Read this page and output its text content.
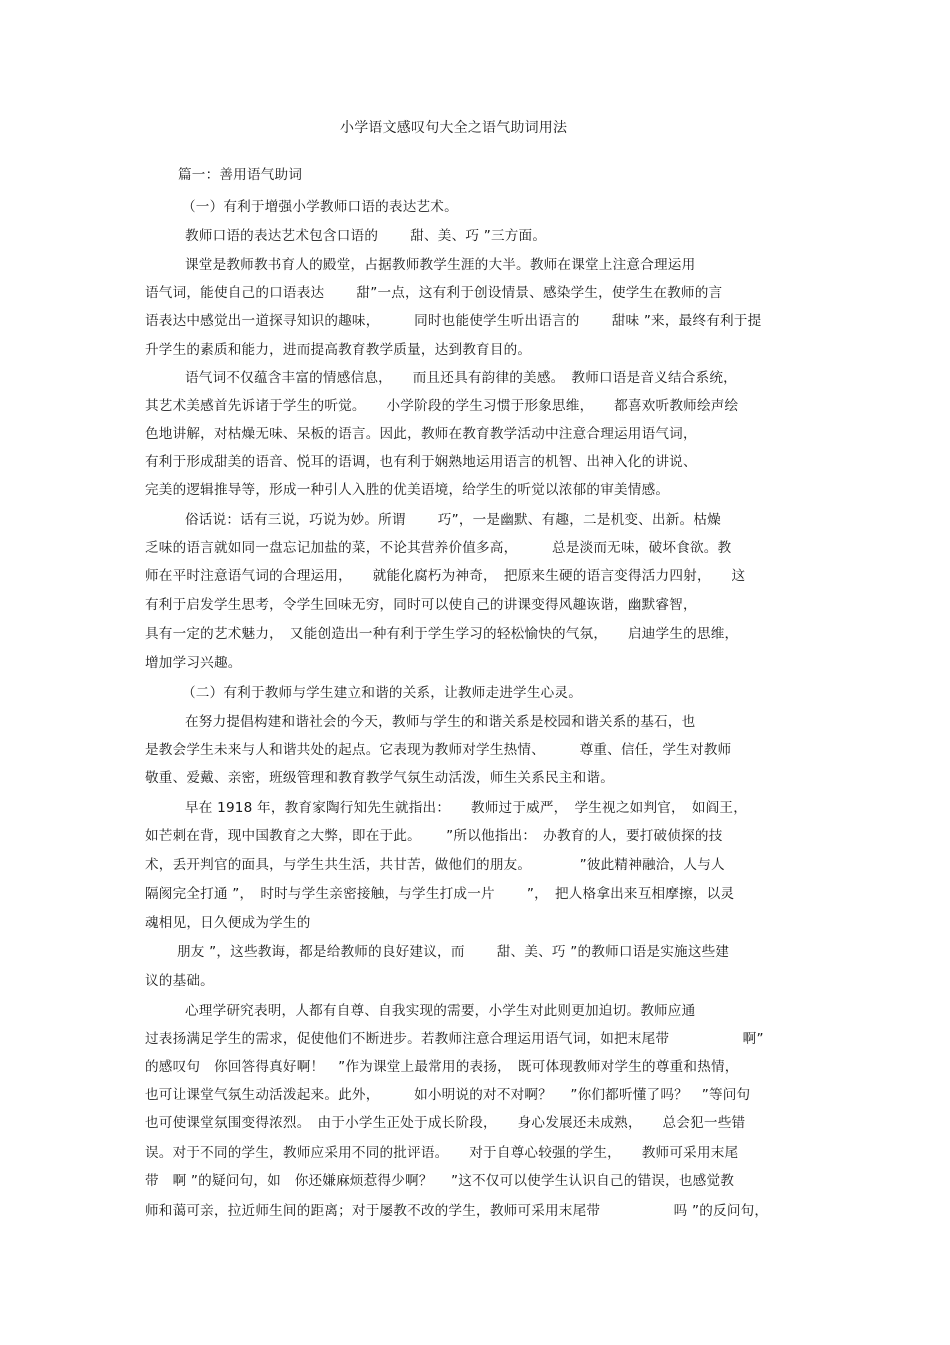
小学语文感叹句大全之语气助词用法
篇一：善用语气助词
（一）有利于增强小学教师口语的表达艺术。
教师口语的表达艺术包含口语的　　 甜、美、巧 ”三方面。
课堂是教师教书育人的殿堂，占据教师教学生涯的大半。教师在课堂上注意合理运用
语气词，能使自己的口语表达　　 甜”一点，这有利于创设情景、感染学生，使学生在教师的言
语表达中感觉出一道探寻知识的趣味，　　　同时也能使学生听出语言的　　 甜味 ”来，最终有利于提
升学生的素质和能力，进而提高教育教学质量，达到教育目的。
语气词不仅蕴含丰富的情感信息，　　而且还具有韵律的美感。　教师口语是音义结合系统，
其艺术美感首先诉诸于学生的听觉。　　小学阶段的学生习惯于形象思维，　　都喜欢听教师绘声绘
色地讲解，对枯燥无味、呆板的语言。因此，教师在教育教学活动中注意合理运用语气词，
有利于形成甜美的语音、悦耳的语调，也有利于娴熟地运用语言的机智、出神入化的讲说、
完美的逻辑推导等，形成一种引人入胜的优美语境，给学生的听觉以浓郁的审美情感。
俗话说：话有三说，巧说为妙。所谓　　 巧”，一是幽默、有趣，二是机变、出新。枯燥
乏味的语言就如同一盘忘记加盐的菜，不论其营养价值多高，　　　总是淡而无味，破坏食欲。教
师在平时注意语气词的合理运用，　　就能化腐朽为神奇，　把原来生硬的语言变得活力四射，　　这
有利于启发学生思考，令学生回味无穷，同时可以使自己的讲课变得风趣诙谐，幽默睿智，
具有一定的艺术魅力，　又能创造出一种有利于学生学习的轻松愉快的气氛，　　启迪学生的思维，
增加学习兴趣。
（二）有利于教师与学生建立和谐的关系，让教师走进学生心灵。
在努力提倡构建和谐社会的今天，教师与学生的和谐关系是校园和谐关系的基石，也
是教会学生未来与人和谐共处的起点。它表现为教师对学生热情、　　　尊重、信任，学生对教师
敬重、爱戴、亲密，班级管理和教育教学气氛生动活泼，师生关系民主和谐。
早在 1918 年，教育家陶行知先生就指出：　　教师过于威严，　学生视之如判官，　如阎王，
如芒刺在背，现中国教育之大弊，即在于此。　　 ”所以他指出：　办教育的人，要打破侦探的技
术，丢开判官的面具，与学生共生活，共甘苦，做他们的朋友。　　　　”彼此精神融洽，人与人
隔阂完全打通 ”，　时时与学生亲密接触，与学生打成一片　　 ”，　把人格拿出来互相摩擦，以灵
魂相见，日久便成为学生的
朋友 ”，这些教诲，都是给教师的良好建议，而　　 甜、美、巧 ”的教师口语是实施这些建
议的基础。
心理学研究表明，人都有自尊、自我实现的需要，小学生对此则更加迫切。教师应通
过表扬满足学生的需求，促使他们不断进步。若教师注意合理运用语气词，如把末尾带　　　　　 啊”
的感叹句　你回答得真好啊！　”作为课堂上最常用的表扬，　既可体现教师对学生的尊重和热情，
也可让课堂气氛生动活泼起来。此外，　　　如小明说的对不对啊？　 ”你们都听懂了吗？　”等问句
也可使课堂氛围变得浓烈。　由于小学生正处于成长阶段，　　身心发展还未成熟，　　总会犯一些错
误。对于不同的学生，教师应采用不同的批评语。　　对于自尊心较强的学生，　　教师可采用末尾
带　啊 ”的疑问句，如　你还嫌麻烦惹得少啊？　 ”这不仅可以使学生认识自己的错误，也感觉教
师和蔼可亲，拉近师生间的距离；对于屡教不改的学生，教师可采用末尾带　　　　　 吗 ”的反问句，
